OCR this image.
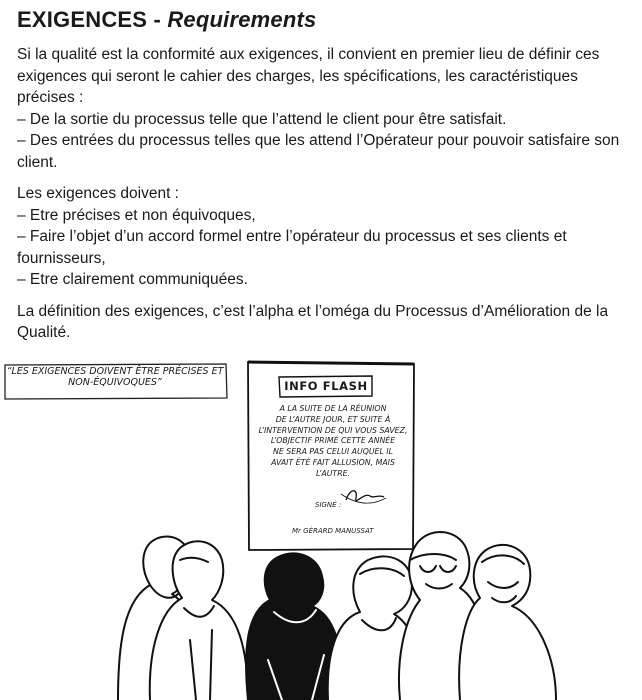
EXIGENCES - Requirements

Si la qualité est la conformité aux exigences, il convient en premier lieu de définir ces exigences qui seront le cahier des charges, les spécifications, les caractéristiques précises :

– De la sortie du processus telle que l’attend le client pour être satisfait.

– Des entrées du processus telles que les attend l’Opérateur pour pouvoir satisfaire son client.

Les exigences doivent :

– Etre précises et non équivoques,

– Faire l’objet d’un accord formel entre l’opérateur du processus et ses clients et fournisseurs,

– Etre clairement communiquées.

La définition des exigences, c’est l’alpha et l’oméga du Processus d’Amélioration de la Qualité.

“LES EXIGENCES DOIVENT ÊTRE PRÉCISES ET NON-ÉQUIVOQUES”	INFO FLASH
A LA SUITE DE LA RÉUNION
DE L’AUTRE JOUR, ET SUITE À
L’INTERVENTION DE QUI VOUS SAVEZ,
L’OBJECTIF PRIMÉ CETTE ANNÉE
NE SERA PAS CELUI AUQUEL IL
AVAIT ÉTÉ FAIT ALLUSION, MAIS
L’AUTRE.
SIGNÉ :
Mr GÉRARD MANUSSAT
